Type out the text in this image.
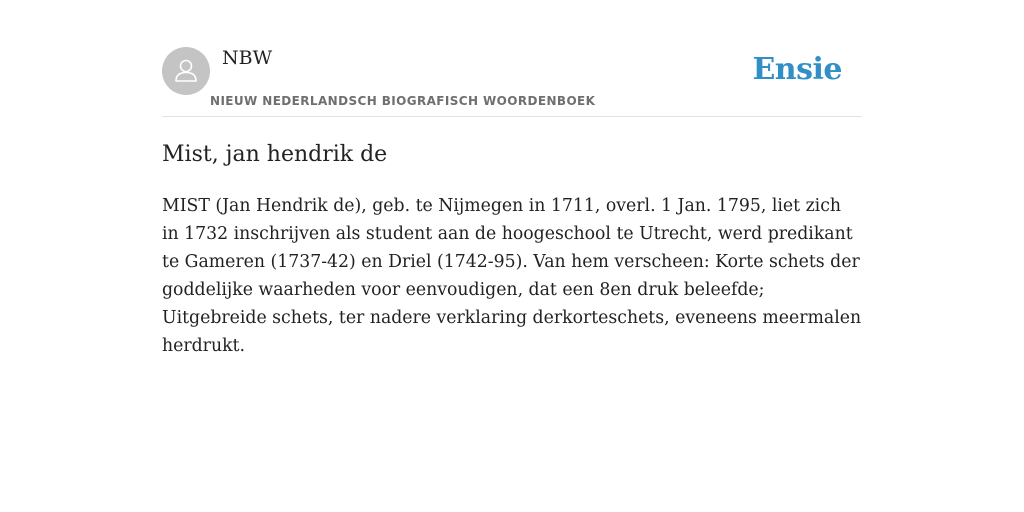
NBW
NIEUW NEDERLANDSCH BIOGRAFISCH WOORDENBOEK
Ensie
Mist, jan hendrik de

MIST (Jan Hendrik de), geb. te Nijmegen in 1711, overl. 1 Jan. 1795, liet zich in 1732 inschrijven als student aan de hoogeschool te Utrecht, werd predikant te Gameren (1737-42) en Driel (1742-95). Van hem verscheen: Korte schets der goddelijke waarheden voor eenvoudigen, dat een 8en druk beleefde; Uitgebreide schets, ter nadere verklaring derkorteschets, eveneens meermalen herdrukt.
